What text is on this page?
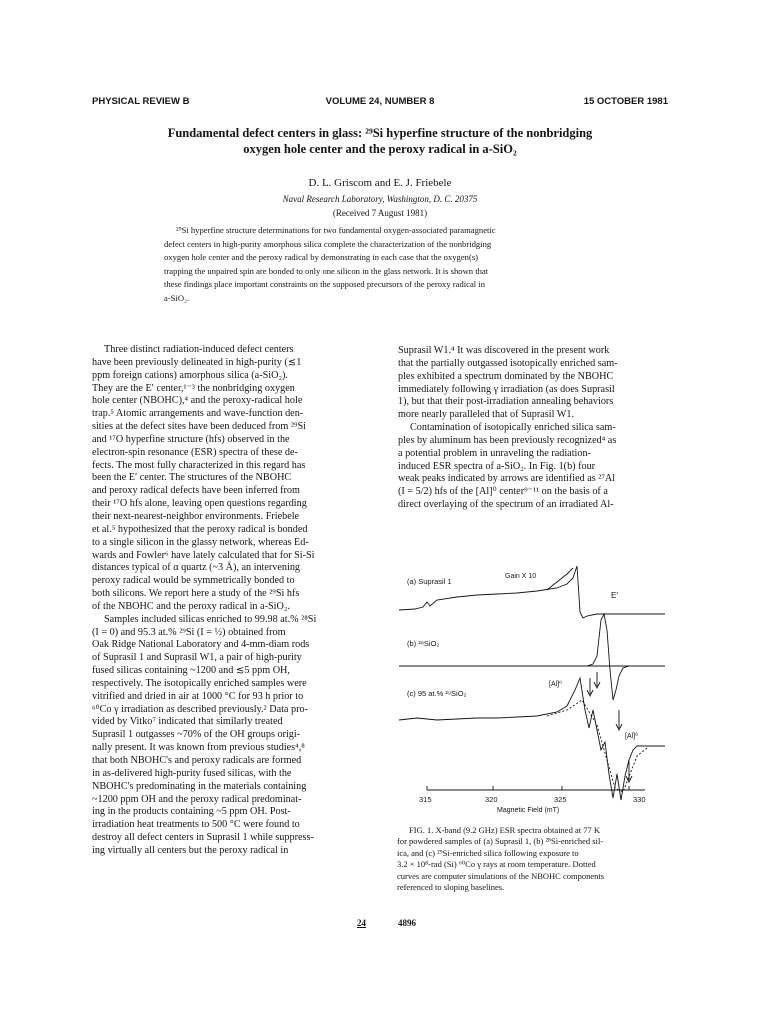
PHYSICAL REVIEW B	VOLUME 24, NUMBER 8	15 OCTOBER 1981
Fundamental defect centers in glass: ²⁹Si hyperfine structure of the nonbridging
oxygen hole center and the peroxy radical in a-SiO₂
D. L. Griscom and E. J. Friebele
Naval Research Laboratory, Washington, D. C. 20375
(Received 7 August 1981)
²⁹Si hyperfine structure determinations for two fundamental oxygen-associated paramagnetic
defect centers in high-purity amorphous silica complete the characterization of the nonbridging
oxygen hole center and the peroxy radical by demonstrating in each case that the oxygen(s)
trapping the unpaired spin are bonded to only one silicon in the glass network. It is shown that
these findings place important constraints on the supposed precursors of the peroxy radical in
a-SiO₂.
Three distinct radiation-induced defect centers
have been previously delineated in high-purity (≲1
ppm foreign cations) amorphous silica (a-SiO₂).
They are the E′ center,¹⁻³ the nonbridging oxygen
hole center (NBOHC),⁴ and the peroxy-radical hole
trap.⁵ Atomic arrangements and wave-function den-
sities at the defect sites have been deduced from ²⁹Si
and ¹⁷O hyperfine structure (hfs) observed in the
electron-spin resonance (ESR) spectra of these de-
fects. The most fully characterized in this regard has
been the E′ center. The structures of the NBOHC
and peroxy radical defects have been inferred from
their ¹⁷O hfs alone, leaving open questions regarding
their next-nearest-neighbor environments. Friebele
et al.⁵ hypothesized that the peroxy radical is bonded
to a single silicon in the glassy network, whereas Ed-
wards and Fowler⁶ have lately calculated that for Si-Si
distances typical of α quartz (~3 Å), an intervening
peroxy radical would be symmetrically bonded to
both silicons. We report here a study of the ²⁹Si hfs
of the NBOHC and the peroxy radical in a-SiO₂.
Samples included silicas enriched to 99.98 at.% ²⁸Si
(I = 0) and 95.3 at.% ²⁹Si (I = ½) obtained from
Oak Ridge National Laboratory and 4-mm-diam rods
of Suprasil 1 and Suprasil W1, a pair of high-purity
fused silicas containing ~1200 and ≲5 ppm OH,
respectively. The isotopically enriched samples were
vitrified and dried in air at 1000 °C for 93 h prior to
⁶⁰Co γ irradiation as described previously.² Data pro-
vided by Vitko⁷ indicated that similarly treated
Suprasil 1 outgasses ~70% of the OH groups origi-
nally present. It was known from previous studies⁴,⁸
that both NBOHC's and peroxy radicals are formed
in as-delivered high-purity fused silicas, with the
NBOHC's predominating in the materials containing
~1200 ppm OH and the peroxy radical predominat-
ing in the products containing ~5 ppm OH. Post-
irradiation heat treatments to 500 °C were found to
destroy all defect centers in Suprasil 1 while suppress-
ing virtually all centers but the peroxy radical in
Suprasil W1.⁴ It was discovered in the present work
that the partially outgassed isotopically enriched sam-
ples exhibited a spectrum dominated by the NBOHC
immediately following γ irradiation (as does Suprasil
1), but that their post-irradiation annealing behaviors
more nearly paralleled that of Suprasil W1.
Contamination of isotopically enriched silica sam-
ples by aluminum has been previously recognized⁴ as
a potential problem in unraveling the radiation-
induced ESR spectra of a-SiO₂. In Fig. 1(b) four
weak peaks indicated by arrows are identified as ²⁷Al
(I = 5/2) hfs of the [Al]⁰ center⁹⁻¹¹ on the basis of a
direct overlaying of the spectrum of an irradiated Al-
(a) Suprasil 1
Gain X 10
E′
(b) ²⁸SiO₂
(c) 95 at.% ²⁹SiO₂
[Al]⁰
[Al]⁰
315	320	325	330
Magnetic Field (mT)
FIG. 1. X-band (9.2 GHz) ESR spectra obtained at 77 K
for powdered samples of (a) Suprasil 1, (b) ²⁸Si-enriched sil-
ica, and (c) ²⁹Si-enriched silica following exposure to
3.2 × 10⁸-rad (Si) ⁶⁰Co γ rays at room temperature. Dotted
curves are computer simulations of the NBOHC components
referenced to sloping baselines.
24	4896
